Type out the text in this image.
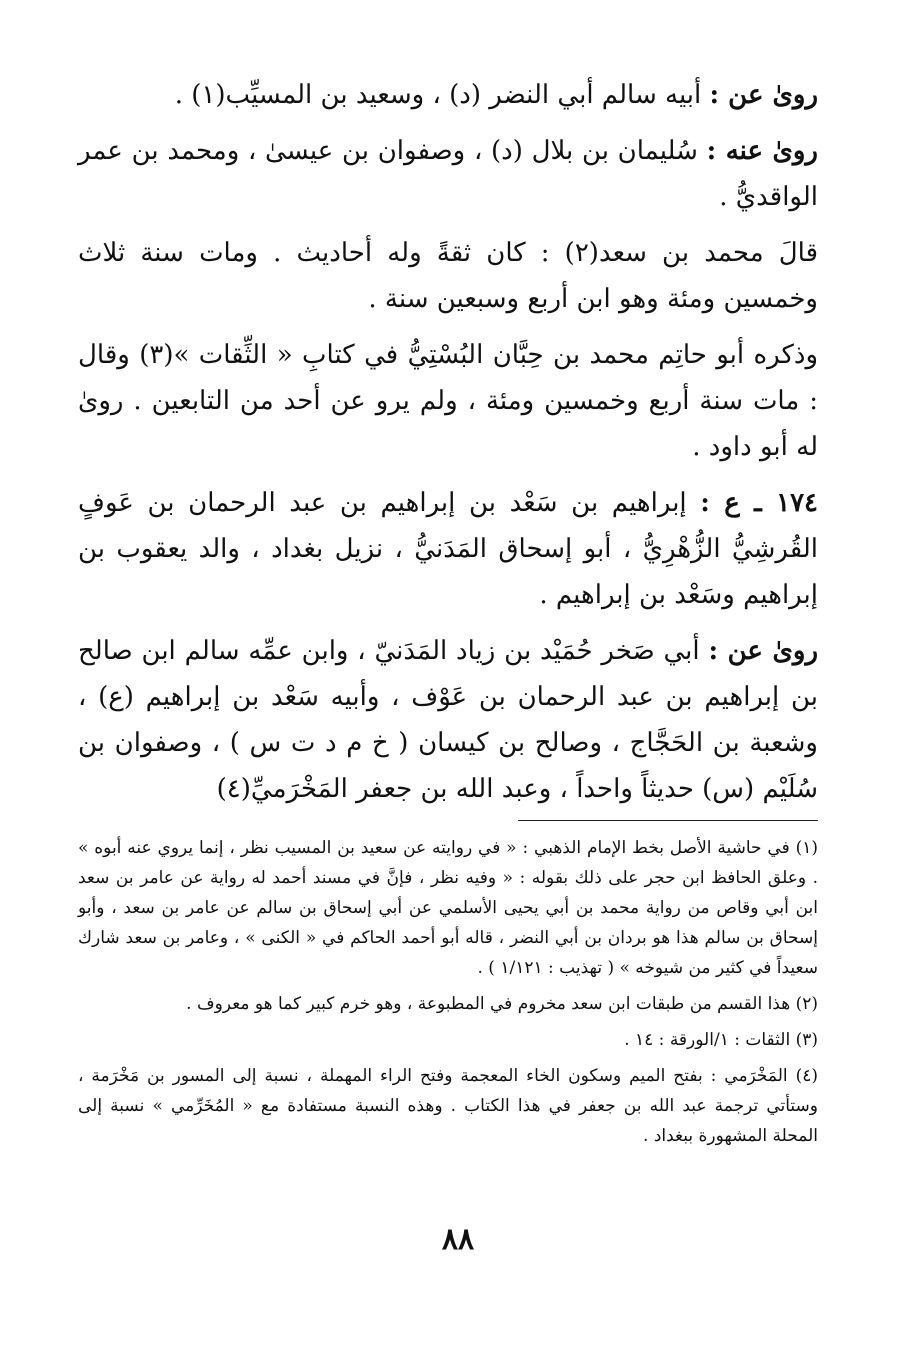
روىٰ عن : أبيه سالم أبي النضر (د) ، وسعيد بن المسيِّب(١) .

روىٰ عنه : سُليمان بن بلال (د) ، وصفوان بن عيسىٰ ، ومحمد بن عمر الواقديُّ .

قالَ محمد بن سعد(٢) : كان ثقةً وله أحاديث . ومات سنة ثلاث وخمسين ومئة وهو ابن أربع وسبعين سنة .

وذكره أبو حاتِم محمد بن حِبَّان البُسْتِيُّ في كتابِ « الثِّقات »(٣) وقال : مات سنة أربع وخمسين ومئة ، ولم يرو عن أحد من التابعين . روىٰ له أبو داود .

١٧٤ ـ ع : إبراهيم بن سَعْد بن إبراهيم بن عبد الرحمان بن عَوفٍ القُرشِيُّ الزُّهْرِيُّ ، أبو إسحاق المَدَنيُّ ، نزيل بغداد ، والد يعقوب بن إبراهيم وسَعْد بن إبراهيم .

روىٰ عن : أبي صَخر حُمَيْد بن زياد المَدَنيّ ، وابن عمِّه سالم ابن صالح بن إبراهيم بن عبد الرحمان بن عَوْف ، وأبيه سَعْد بن إبراهيم (ع) ، وشعبة بن الحَجَّاج ، وصالح بن كيسان ( خ م د ت س ) ، وصفوان بن سُلَيْم (س) حديثاً واحداً ، وعبد الله بن جعفر المَخْرَميِّ(٤)

(١) في حاشية الأصل بخط الإمام الذهبي : « في روايته عن سعيد بن المسيب نظر ، إنما يروي عنه أبوه » . وعلق الحافظ ابن حجر على ذلك بقوله : « وفيه نظر ، فإنَّ في مسند أحمد له رواية عن عامر بن سعد ابن أبي وقاص من رواية محمد بن أبي يحيى الأسلمي عن أبي إسحاق بن سالم عن عامر بن سعد ، وأبو إسحاق بن سالم هذا هو بردان بن أبي النضر ، قاله أبو أحمد الحاكم في « الكنى » ، وعامر بن سعد شارك سعيداً في كثير من شيوخه » ( تهذيب : ١/١٢١ ) .

(٢) هذا القسم من طبقات ابن سعد مخروم في المطبوعة ، وهو خرم كبير كما هو معروف .

(٣) الثقات : ١/الورقة : ١٤ .

(٤) المَخْرَمي : بفتح الميم وسكون الخاء المعجمة وفتح الراء المهملة ، نسبة إلى المسور بن مَخْرَمة ، وستأتي ترجمة عبد الله بن جعفر في هذا الكتاب . وهذه النسبة مستفادة مع « المُخَرِّمي » نسبة إلى المحلة المشهورة ببغداد .

٨٨
